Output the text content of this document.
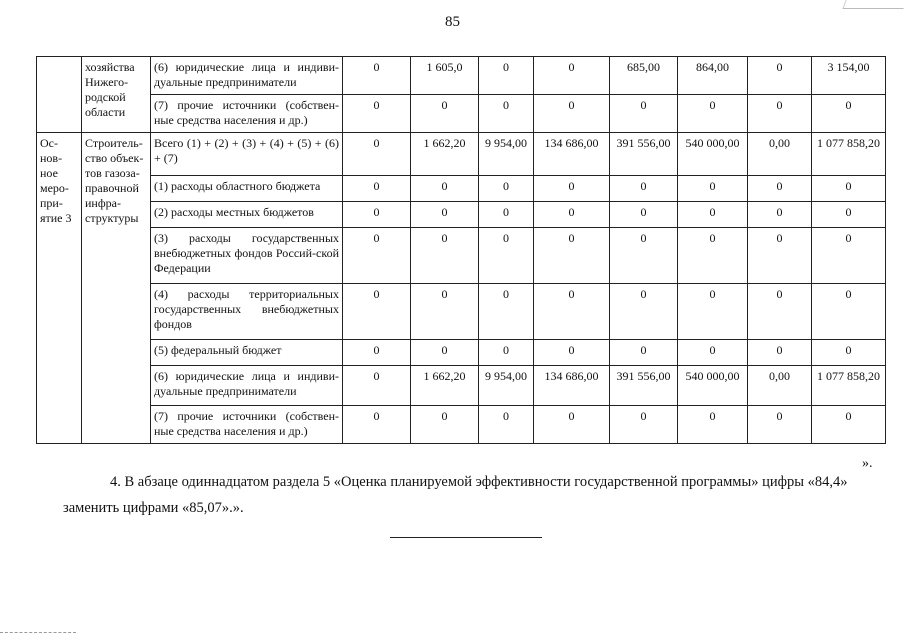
85
	хозяйства Нижего-родской области	(6) юридические лица и индиви-дуальные предприниматели	0	1 605,0	0	0	685,00	864,00	0	3 154,00
		(7) прочие источники (собствен-ные средства населения и др.)	0	0	0	0	0	0	0	0
Ос-нов-ное меро-при-ятие 3	Строитель-ство объек-тов газоза-правочной инфра-структуры	Всего (1) + (2) + (3) + (4) + (5) + (6) + (7)	0	1 662,20	9 954,00	134 686,00	391 556,00	540 000,00	0,00	1 077 858,20
		(1) расходы областного бюджета	0	0	0	0	0	0	0	0
		(2) расходы местных бюджетов	0	0	0	0	0	0	0	0
		(3) расходы государственных внебюджетных фондов Россий-ской Федерации	0	0	0	0	0	0	0	0
		(4) расходы территориальных государственных внебюджетных фондов	0	0	0	0	0	0	0	0
		(5) федеральный бюджет	0	0	0	0	0	0	0	0
		(6) юридические лица и индиви-дуальные предприниматели	0	1 662,20	9 954,00	134 686,00	391 556,00	540 000,00	0,00	1 077 858,20
		(7) прочие источники (собствен-ные средства населения и др.)	0	0	0	0	0	0	0	0
».
4. В абзаце одиннадцатом раздела 5 «Оценка планируемой эффективности государственной программы» цифры «84,4»
заменить цифрами «85,07».».
